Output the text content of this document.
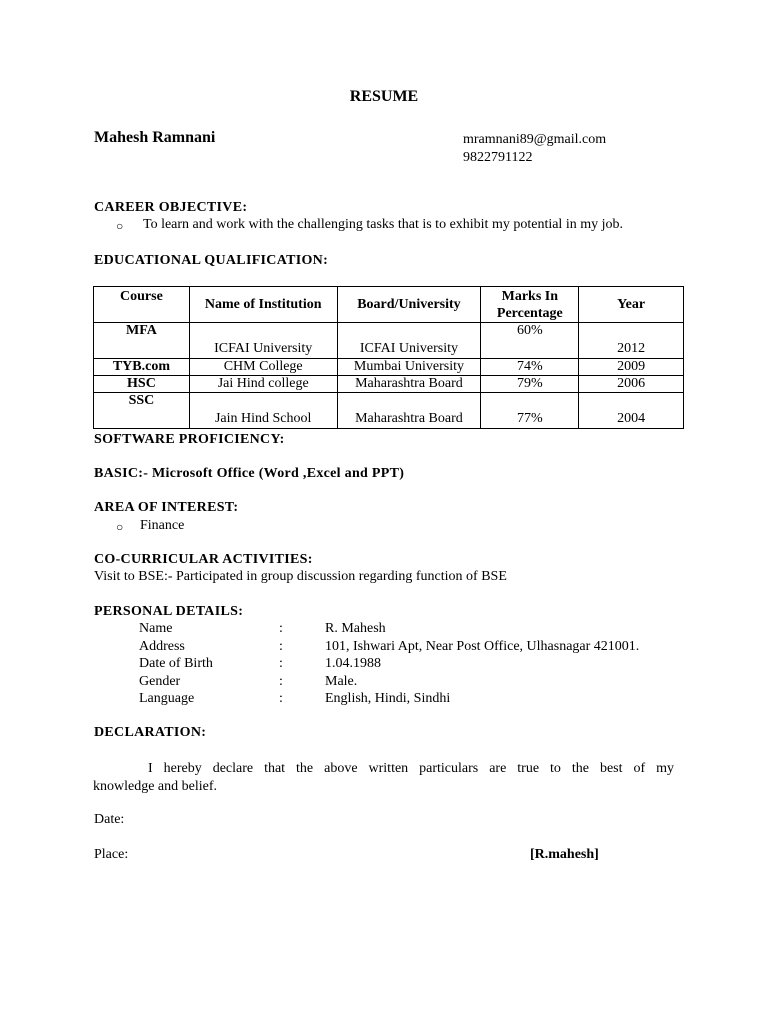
RESUME
Mahesh Ramnani	mramnani89@gmail.com
9822791122
CAREER OBJECTIVE:
○ To learn and work with the challenging tasks that is to exhibit my potential in my job.
EDUCATIONAL QUALIFICATION:
Course	Name of Institution	Board/University	Marks In Percentage	Year
MFA	ICFAI University	ICFAI University	60%	2012
TYB.com	CHM College	Mumbai University	74%	2009
HSC	Jai Hind college	Maharashtra Board	79%	2006
SSC	Jain Hind School	Maharashtra Board	77%	2004
SOFTWARE PROFICIENCY:
BASIC:- Microsoft Office (Word ,Excel and PPT)
AREA OF INTEREST:
○ Finance
CO-CURRICULAR ACTIVITIES:
Visit to BSE:- Participated in group discussion regarding function of BSE
PERSONAL DETAILS:
Name	:	R. Mahesh
Address	:	101, Ishwari Apt, Near Post Office, Ulhasnagar 421001.
Date of Birth	:	1.04.1988
Gender	:	Male.
Language	:	English, Hindi, Sindhi
DECLARATION:

I hereby declare that the above written particulars are true to the best of my

knowledge and belief.

Date:
Place:	[R.mahesh]
